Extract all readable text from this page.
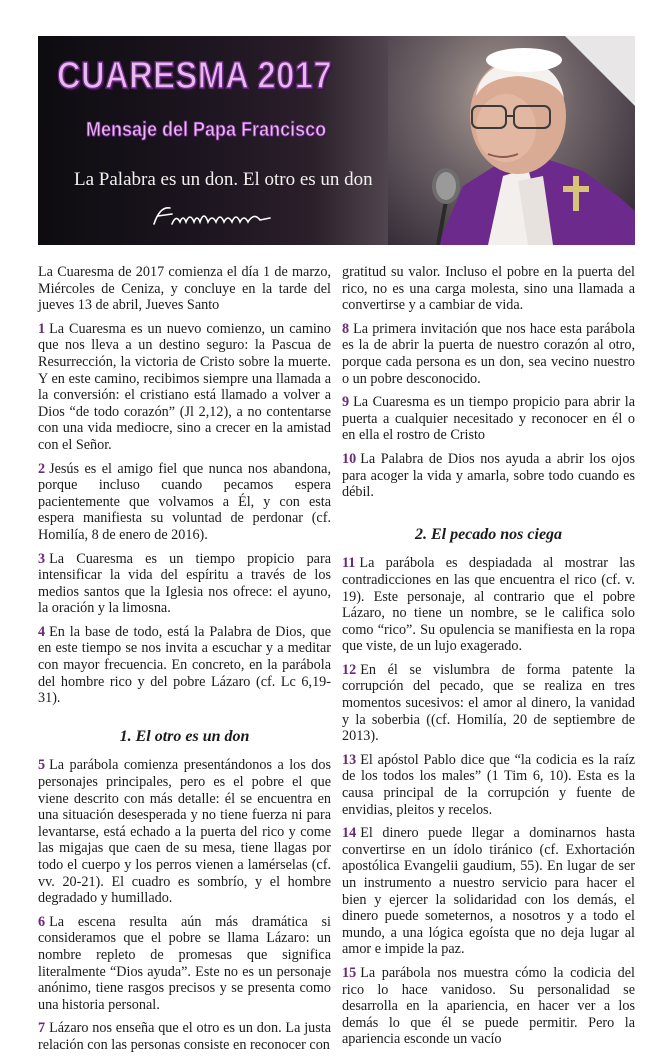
CUARESMA 2017
Mensaje del Papa Francisco
La Palabra es un don. El otro es un don

La Cuaresma de 2017 comienza el día 1 de marzo, Miércoles de Ceniza, y concluye en la tarde del jueves 13 de abril, Jueves Santo

1 La Cuaresma es un nuevo comienzo, un camino que nos lleva a un destino seguro: la Pascua de Resurrección, la victoria de Cristo sobre la muerte. Y en este camino, recibimos siempre una llamada a la conversión: el cristiano está llamado a volver a Dios “de todo corazón” (Jl 2,12), a no contentarse con una vida mediocre, sino a crecer en la amistad con el Señor.

2 Jesús es el amigo fiel que nunca nos abandona, porque incluso cuando pecamos espera pacientemente que volvamos a Él, y con esta espera manifiesta su voluntad de perdonar (cf. Homilía, 8 de enero de 2016).

3 La Cuaresma es un tiempo propicio para intensificar la vida del espíritu a través de los medios santos que la Iglesia nos ofrece: el ayuno, la oración y la limosna.

4 En la base de todo, está la Palabra de Dios, que en este tiempo se nos invita a escuchar y a meditar con mayor frecuencia. En concreto, en la parábola del hombre rico y del pobre Lázaro (cf. Lc 6,19-31).

1. El otro es un don

5 La parábola comienza presentándonos a los dos personajes principales, pero es el pobre el que viene descrito con más detalle: él se encuentra en una situación desesperada y no tiene fuerza ni para levantarse, está echado a la puerta del rico y come las migajas que caen de su mesa, tiene llagas por todo el cuerpo y los perros vienen a lamérselas (cf. vv. 20-21). El cuadro es sombrío, y el hombre degradado y humillado.

6 La escena resulta aún más dramática si consideramos que el pobre se llama Lázaro: un nombre repleto de promesas que significa literalmente “Dios ayuda”. Este no es un personaje anónimo, tiene rasgos precisos y se presenta como una historia personal.

7 Lázaro nos enseña que el otro es un don. La justa relación con las personas consiste en reconocer con

gratitud su valor. Incluso el pobre en la puerta del rico, no es una carga molesta, sino una llamada a convertirse y a cambiar de vida.

8 La primera invitación que nos hace esta parábola es la de abrir la puerta de nuestro corazón al otro, porque cada persona es un don, sea vecino nuestro o un pobre desconocido.

9 La Cuaresma es un tiempo propicio para abrir la puerta a cualquier necesitado y reconocer en él o en ella el rostro de Cristo

10 La Palabra de Dios nos ayuda a abrir los ojos para acoger la vida y amarla, sobre todo cuando es débil.

2. El pecado nos ciega

11 La parábola es despiadada al mostrar las contradicciones en las que encuentra el rico (cf. v. 19). Este personaje, al contrario que el pobre Lázaro, no tiene un nombre, se le califica solo como “rico”. Su opulencia se manifiesta en la ropa que viste, de un lujo exagerado.

12 En él se vislumbra de forma patente la corrupción del pecado, que se realiza en tres momentos sucesivos: el amor al dinero, la vanidad y la soberbia ((cf. Homilía, 20 de septiembre de 2013).

13 El apóstol Pablo dice que “la codicia es la raíz de los todos los males” (1 Tim 6, 10). Esta es la causa principal de la corrupción y fuente de envidias, pleitos y recelos.

14 El dinero puede llegar a dominarnos hasta convertirse en un ídolo tiránico (cf. Exhortación apostólica Evangelii gaudium, 55). En lugar de ser un instrumento a nuestro servicio para hacer el bien y ejercer la solidaridad con los demás, el dinero puede someternos, a nosotros y a todo el mundo, a una lógica egoísta que no deja lugar al amor e impide la paz.

15 La parábola nos muestra cómo la codicia del rico lo hace vanidoso. Su personalidad se desarrolla en la apariencia, en hacer ver a los demás lo que él se puede permitir. Pero la apariencia esconde un vacío
